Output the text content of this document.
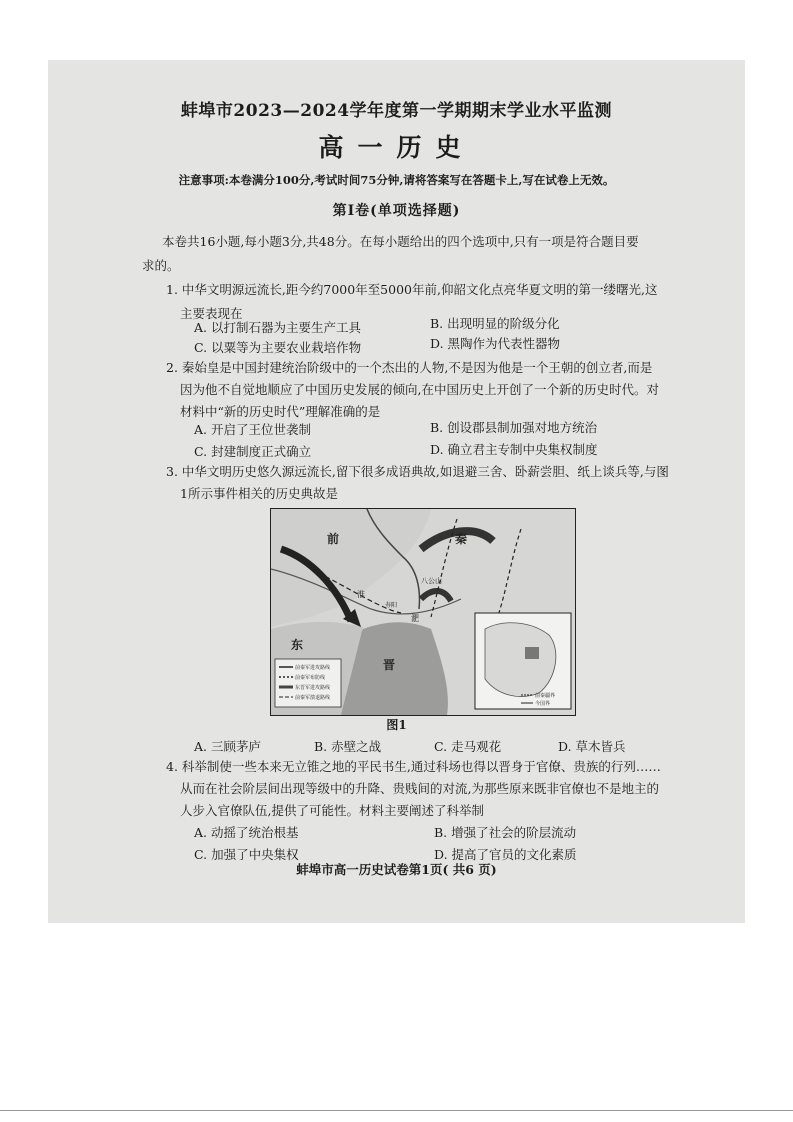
蚌埠市2023—2024学年度第一学期期末学业水平监测
高一历史
注意事项:本卷满分100分,考试时间75分钟,请将答案写在答题卡上,写在试卷上无效。
第Ⅰ卷(单项选择题)
本卷共16小题,每小题3分,共48分。在每小题给出的四个选项中,只有一项是符合题目要
求的。
1. 中华文明源远流长,距今约7000年至5000年前,仰韶文化点亮华夏文明的第一缕曙光,这
主要表现在
A. 以打制石器为主要生产工具	B. 出现明显的阶级分化
C. 以粟等为主要农业栽培作物	D. 黑陶作为代表性器物
2. 秦始皇是中国封建统治阶级中的一个杰出的人物,不是因为他是一个王朝的创立者,而是
因为他不自觉地顺应了中国历史发展的倾向,在中国历史上开创了一个新的历史时代。对
材料中“新的历史时代”理解准确的是
A. 开启了王位世袭制	B. 创设郡县制加强对地方统治
C. 封建制度正式确立	D. 确立君主专制中央集权制度
3. 中华文明历史悠久源远流长,留下很多成语典故,如退避三舍、卧薪尝胆、纸上谈兵等,与图
1所示事件相关的历史典故是
前秦军进攻路线
前秦军布防线
东晋军进攻路线
前秦军溃退路线	前秦疆界
今国界
前	秦
八公山
寿阳
淮
淝
东
晋
图1
A. 三顾茅庐	B. 赤壁之战	C. 走马观花	D. 草木皆兵
4. 科举制使一些本来无立锥之地的平民书生,通过科场也得以晋身于官僚、贵族的行列……
从而在社会阶层间出现等级中的升降、贵贱间的对流,为那些原来既非官僚也不是地主的
人步入官僚队伍,提供了可能性。材料主要阐述了科举制
A. 动摇了统治根基	B. 增强了社会的阶层流动
C. 加强了中央集权	D. 提高了官员的文化素质
蚌埠市高一历史试卷第1页( 共6 页)
